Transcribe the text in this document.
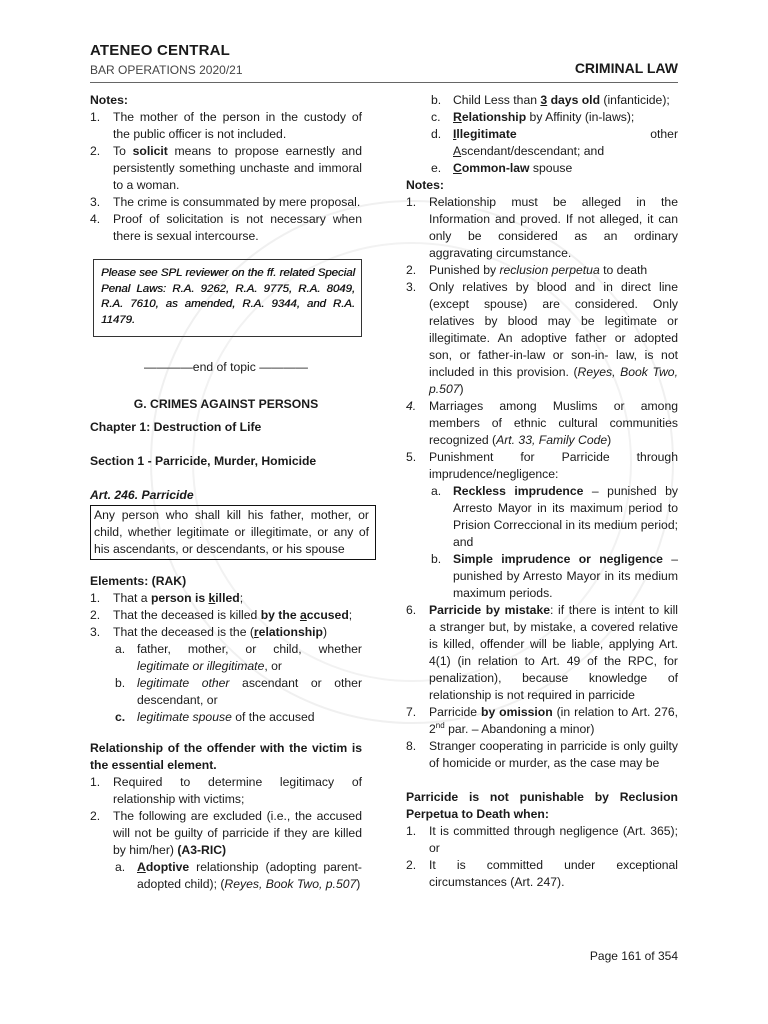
ATENEO CENTRAL
BAR OPERATIONS 2020/21	CRIMINAL LAW
Notes:
1. The mother of the person in the custody of the public officer is not included.
2. To solicit means to propose earnestly and persistently something unchaste and immoral to a woman.
3. The crime is consummated by mere proposal.
4. Proof of solicitation is not necessary when there is sexual intercourse.
Please see SPL reviewer on the ff. related Special Penal Laws: R.A. 9262, R.A. 9775, R.A. 8049, R.A. 7610, as amended, R.A. 9344, and R.A. 11479.
————end of topic ————
G. CRIMES AGAINST PERSONS
Chapter 1: Destruction of Life
Section 1 - Parricide, Murder, Homicide
Art. 246. Parricide
Any person who shall kill his father, mother, or child, whether legitimate or illegitimate, or any of his ascendants, or descendants, or his spouse
Elements: (RAK)
1. That a person is killed;
2. That the deceased is killed by the accused;
3. That the deceased is the (relationship)
a. father, mother, or child, whether legitimate or illegitimate, or
b. legitimate other ascendant or other descendant, or
c. legitimate spouse of the accused
Relationship of the offender with the victim is the essential element.
1. Required to determine legitimacy of relationship with victims;
2. The following are excluded (i.e., the accused will not be guilty of parricide if they are killed by him/her) (A3-RIC)
a. Adoptive relationship (adopting parent-adopted child); (Reyes, Book Two, p.507)
b. Child Less than 3 days old (infanticide);
c. Relationship by Affinity (in-laws);
d. Illegitimate	other

Ascendant/descendant; and
e. Common-law spouse
Notes:
1. Relationship must be alleged in the Information and proved. If not alleged, it can only be considered as an ordinary aggravating circumstance.
2. Punished by reclusion perpetua to death
3. Only relatives by blood and in direct line (except spouse) are considered. Only relatives by blood may be legitimate or illegitimate. An adoptive father or adopted son, or father-in-law or son-in- law, is not included in this provision. (Reyes, Book Two, p.507)
4. Marriages among Muslims or among members of ethnic cultural communities recognized (Art. 33, Family Code)
5. Punishment for Parricide through imprudence/negligence:
a. Reckless imprudence – punished by Arresto Mayor in its maximum period to Prision Correccional in its medium period; and
b. Simple imprudence or negligence – punished by Arresto Mayor in its medium maximum periods.
6. Parricide by mistake: if there is intent to kill a stranger but, by mistake, a covered relative is killed, offender will be liable, applying Art. 4(1) (in relation to Art. 49 of the RPC, for penalization), because knowledge of relationship is not required in parricide
7. Parricide by omission (in relation to Art. 276, 2nd par. – Abandoning a minor)
8. Stranger cooperating in parricide is only guilty of homicide or murder, as the case may be
Parricide is not punishable by Reclusion Perpetua to Death when:
1. It is committed through negligence (Art. 365); or
2. It is committed under exceptional circumstances (Art. 247).
Page 161 of 354
